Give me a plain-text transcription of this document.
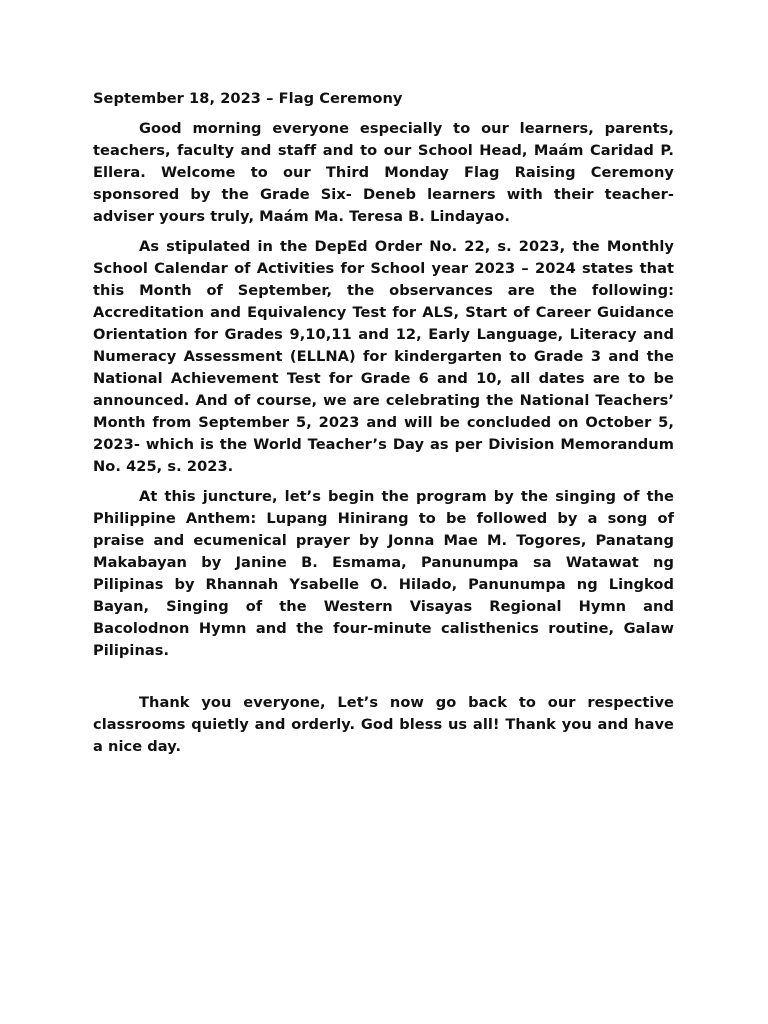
September 18, 2023 – Flag Ceremony

Good morning everyone especially to our learners, parents, teachers, faculty and staff and to our School Head, Maám Caridad P. Ellera. Welcome to our Third Monday Flag Raising Ceremony sponsored by the Grade Six- Deneb learners with their teacher-adviser yours truly, Maám Ma. Teresa B. Lindayao.

As stipulated in the DepEd Order No. 22, s. 2023, the Monthly School Calendar of Activities for School year 2023 – 2024 states that this Month of September, the observances are the following: Accreditation and Equivalency Test for ALS, Start of Career Guidance Orientation for Grades 9,10,11 and 12, Early Language, Literacy and Numeracy Assessment (ELLNA) for kindergarten to Grade 3 and the National Achievement Test for Grade 6 and 10, all dates are to be announced. And of course, we are celebrating the National Teachers’ Month from September 5, 2023 and will be concluded on October 5, 2023- which is the World Teacher’s Day as per Division Memorandum No. 425, s. 2023.

At this juncture, let’s begin the program by the singing of the Philippine Anthem: Lupang Hinirang to be followed by a song of praise and ecumenical prayer by Jonna Mae M. Togores, Panatang Makabayan by Janine B. Esmama, Panunumpa sa Watawat ng Pilipinas by Rhannah Ysabelle O. Hilado, Panunumpa ng Lingkod Bayan, Singing of the Western Visayas Regional Hymn and Bacolodnon Hymn and the four-minute calisthenics routine, Galaw Pilipinas.

Thank you everyone, Let’s now go back to our respective classrooms quietly and orderly. God bless us all! Thank you and have a nice day.
